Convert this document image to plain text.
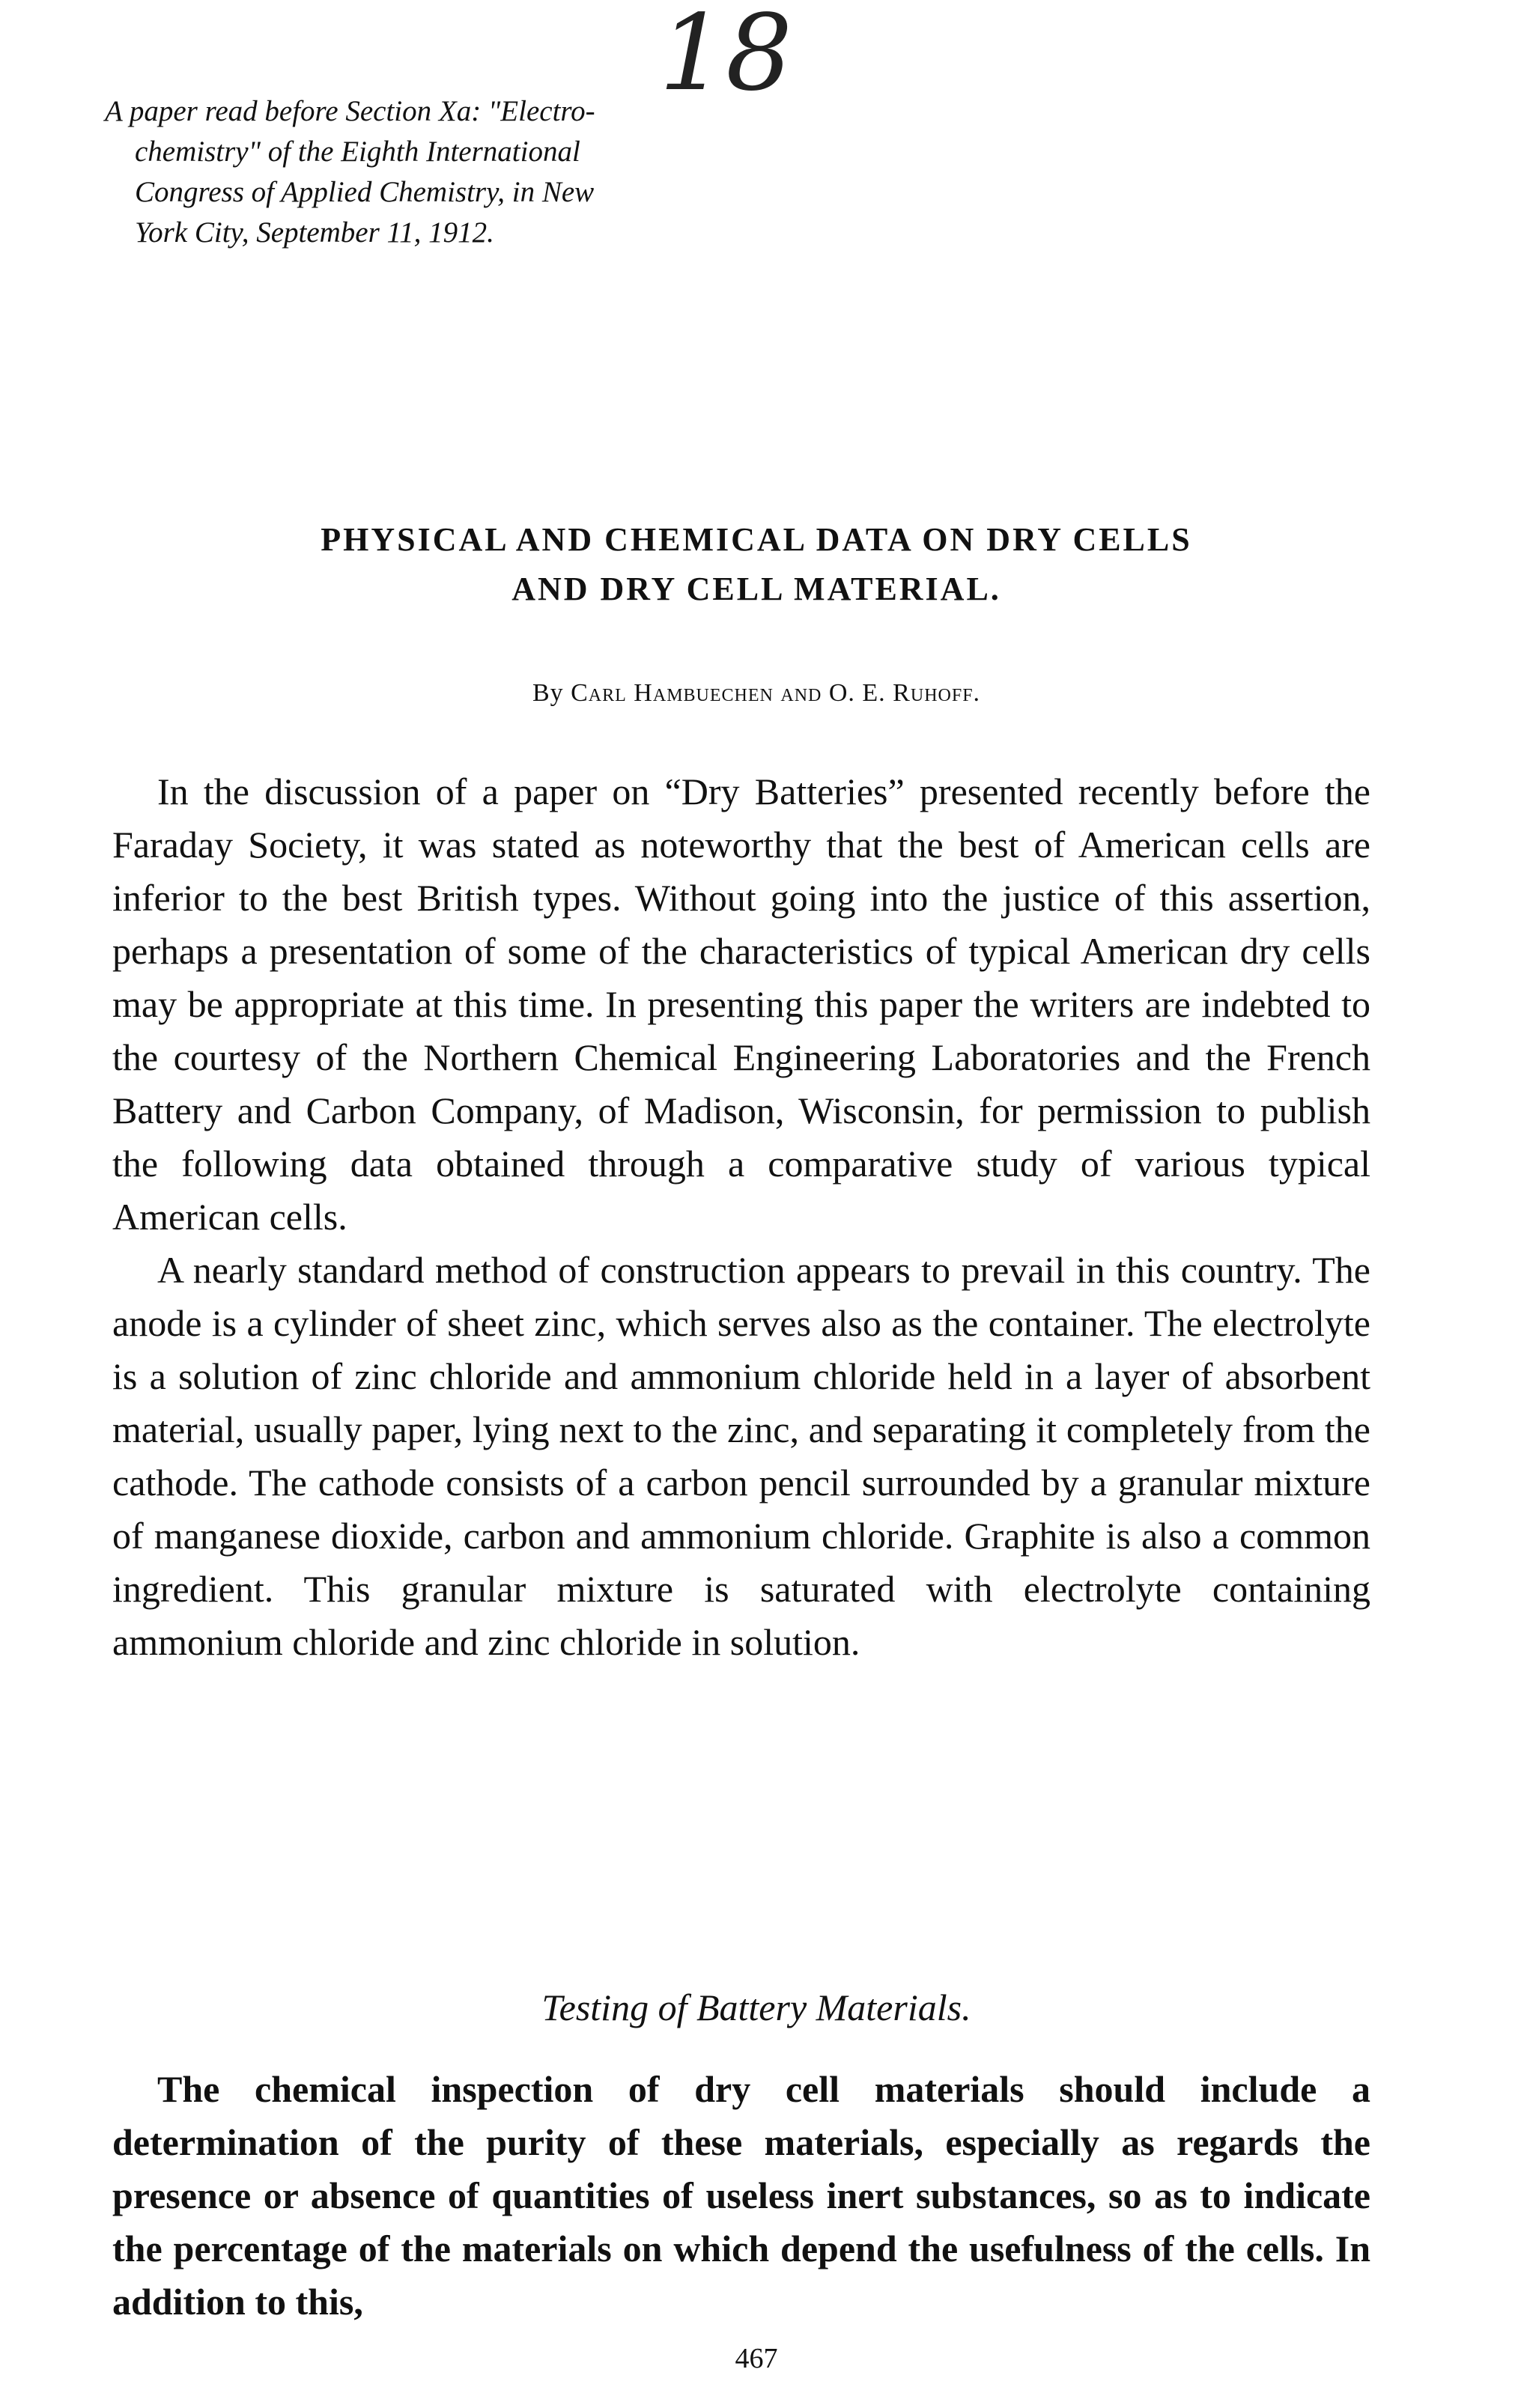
18

A paper read before Section Xa: "Electro-

chemistry" of the Eighth International

Congress of Applied Chemistry, in New

York City, September 11, 1912.

PHYSICAL AND CHEMICAL DATA ON DRY CELLS

AND DRY CELL MATERIAL.

By Carl Hambuechen and O. E. Ruhoff.

In the discussion of a paper on “Dry Batteries” presented recently before the Faraday Society, it was stated as noteworthy that the best of American cells are inferior to the best British types. Without going into the justice of this assertion, perhaps a presentation of some of the characteristics of typical American dry cells may be appropriate at this time. In presenting this paper the writers are indebted to the courtesy of the Northern Chemical Engineering Laboratories and the French Battery and Carbon Company, of Madison, Wisconsin, for permission to publish the following data obtained through a comparative study of various typical American cells.

A nearly standard method of construction appears to prevail in this country. The anode is a cylinder of sheet zinc, which serves also as the container. The electrolyte is a solution of zinc chloride and ammonium chloride held in a layer of absorbent material, usually paper, lying next to the zinc, and separating it completely from the cathode. The cathode consists of a carbon pencil surrounded by a granular mixture of manganese dioxide, carbon and ammonium chloride. Graphite is also a common ingredient. This granular mixture is saturated with electrolyte containing ammonium chloride and zinc chloride in solution.

Testing of Battery Materials.

The chemical inspection of dry cell materials should include a determination of the purity of these materials, especially as regards the presence or absence of quantities of useless inert substances, so as to indicate the percentage of the materials on which depend the usefulness of the cells. In addition to this,

467
